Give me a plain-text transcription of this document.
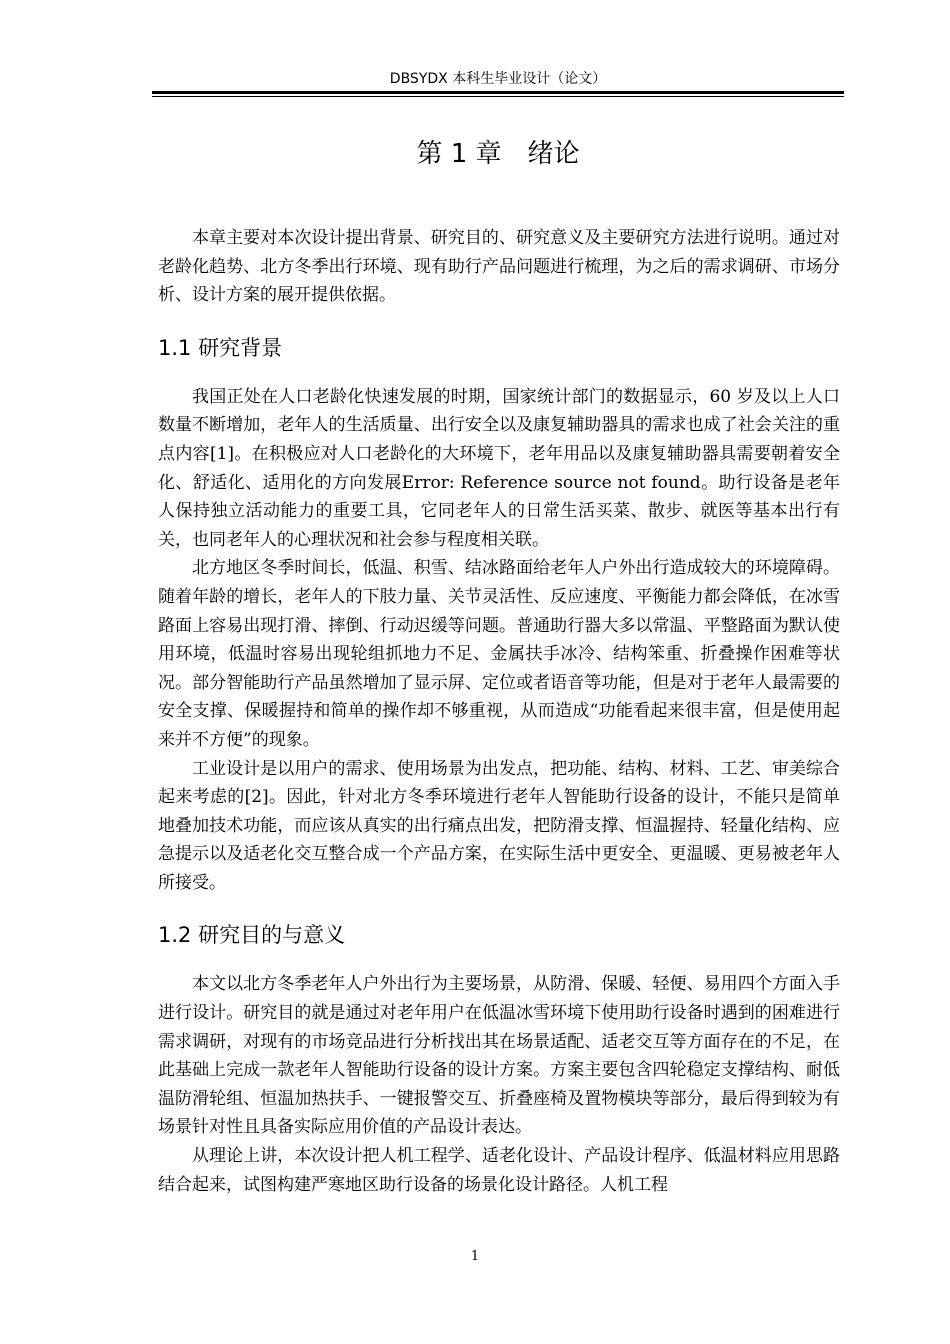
DBSYDX 本科生毕业设计（论文）
第 1 章　绪论

本章主要对本次设计提出背景、研究目的、研究意义及主要研究方法进行说明。通过对老龄化趋势、北方冬季出行环境、现有助行产品问题进行梳理，为之后的需求调研、市场分析、设计方案的展开提供依据。

1.1 研究背景

我国正处在人口老龄化快速发展的时期，国家统计部门的数据显示，60 岁及以上人口数量不断增加，老年人的生活质量、出行安全以及康复辅助器具的需求也成了社会关注的重点内容[1]。在积极应对人口老龄化的大环境下，老年用品以及康复辅助器具需要朝着安全化、舒适化、适用化的方向发展Error: Reference source not found。助行设备是老年人保持独立活动能力的重要工具，它同老年人的日常生活买菜、散步、就医等基本出行有关，也同老年人的心理状况和社会参与程度相关联。

北方地区冬季时间长，低温、积雪、结冰路面给老年人户外出行造成较大的环境障碍。随着年龄的增长，老年人的下肢力量、关节灵活性、反应速度、平衡能力都会降低，在冰雪路面上容易出现打滑、摔倒、行动迟缓等问题。普通助行器大多以常温、平整路面为默认使用环境，低温时容易出现轮组抓地力不足、金属扶手冰冷、结构笨重、折叠操作困难等状况。部分智能助行产品虽然增加了显示屏、定位或者语音等功能，但是对于老年人最需要的安全支撑、保暖握持和简单的操作却不够重视，从而造成“功能看起来很丰富，但是使用起来并不方便”的现象。

工业设计是以用户的需求、使用场景为出发点，把功能、结构、材料、工艺、审美综合起来考虑的[2]。因此，针对北方冬季环境进行老年人智能助行设备的设计，不能只是简单地叠加技术功能，而应该从真实的出行痛点出发，把防滑支撑、恒温握持、轻量化结构、应急提示以及适老化交互整合成一个产品方案，在实际生活中更安全、更温暖、更易被老年人所接受。

1.2 研究目的与意义

本文以北方冬季老年人户外出行为主要场景，从防滑、保暖、轻便、易用四个方面入手进行设计。研究目的就是通过对老年用户在低温冰雪环境下使用助行设备时遇到的困难进行需求调研，对现有的市场竞品进行分析找出其在场景适配、适老交互等方面存在的不足，在此基础上完成一款老年人智能助行设备的设计方案。方案主要包含四轮稳定支撑结构、耐低温防滑轮组、恒温加热扶手、一键报警交互、折叠座椅及置物模块等部分，最后得到较为有场景针对性且具备实际应用价值的产品设计表达。

从理论上讲，本次设计把人机工程学、适老化设计、产品设计程序、低温材料应用思路结合起来，试图构建严寒地区助行设备的场景化设计路径。人机工程

1
